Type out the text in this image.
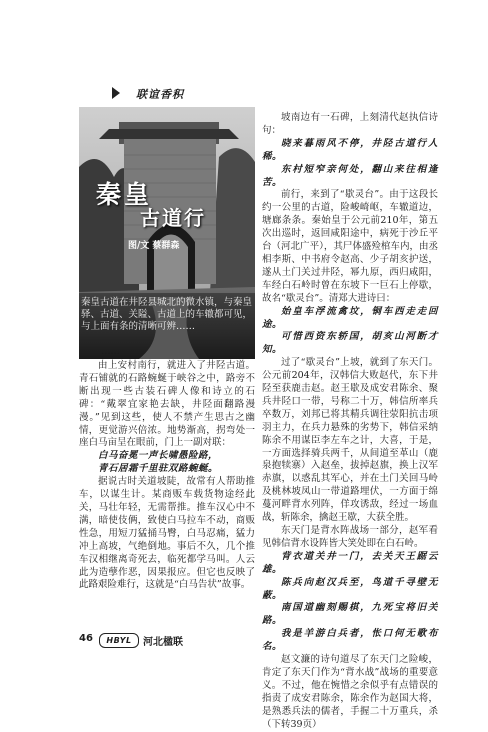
联谊香积
秦皇
古道行
图/文 蔡群森

秦皇古道在井陉县城北的微水镇，与秦皇驿、古道、关隘、古道上的车辙都可见，与上面有条的清晰可辨……

……

由上安村南行，就进入了井陉古道。青石铺就的石路蜿蜒于峡谷之中，路旁不断出现一些古装石碑人像和诗立的石碑：“戴翠宜家艳去缺，井陉面翻路漫漫。”见到这些，使人不禁产生思古之幽情，更觉游兴倍浓。地势渐高，拐弯处一座白马亩呈在眼前，门上一副对联：

白马奋冕一声长啸愚险路，

青石居霜千里驻双路蜿蜒。

据说古时关道坡陡，故常有人帮助推车，以谋生计。某商贩车载货物途经此关，马壮年轻，无需帮推。推车汉心中不满，暗使伎俩，致使白马拉车不动，商贩性急，用短刀猛捅马臀，白马忍痛，猛力冲上高坡，气绝倒地。事后不久，几个推车汉相继离奇死去，临死都学马叫。人云此为造孽作恶，因果报应。但它也反映了此路艰险难行，这就是“白马告状”故事。

坡南边有一石碑，上刻清代赵执信诗句：

晓来暮雨风不停，井陉古道行人稀。

东村短窄亲何处，翻山来往相逢苦。

前行，来到了“歇灵台”。由于这段长约一公里的古道，险峻崎岖，车辙道边，塘廊条条。秦始皇于公元前210年，第五次出巡时，返回咸阳途中，病死于沙丘平台（河北广平），其尸体盛殓棺车内，由丞相李斯、中书府令赵高、少子胡亥护送，遂从土门关过井陉，幂九原，西归咸阳，车经白石岭时曾在东坡下一巨石上停歇，故名“歇灵台”。清郑大进诗曰：

始皇车浮流禽坟，铜车西走走回途。

可惜西资东轿国，胡亥山河断才知。

过了“歇灵台”上坡，就到了东天门。公元前204年，汉韩信大败赵代，东下井陉至获鹿击赵。赵王歇及成安君陈余、聚兵井陉口一带，号称二十万，韩信所率兵卒数万，刘邦已将其精兵调往荥阳抗击项羽主力，在兵力悬殊的劣势下，韩信采纳陈余不用谋臣李左车之计，大喜，于是，一方面选择骑兵两千，从间道至革山（鹿泉抱犊寨）入赵垒，拔掉赵旗，换上汉军赤旗，以惑乱其军心，并在土门关回马岭及桃林坡凤山一带道路埋伏，一方面于绵蔓河畔背水列阵，佯攻诱敌，经过一场血战，斩陈余，擒赵王歇，大获全胜。

东天门是背水阵战场一部分，赵军看见韩信背水设阵皆大笑处即在白石岭。

背衣道关井一门，去关天王踞云雄。

陈兵向赵汉兵至，鸟道千寻壁无蔽。

南国道幽刻赐棋，九死宝将旧关路。

我是羊游白兵者，怅口何无歌布名。

赵文濂的诗句道尽了东天门之险峻，肯定了东天门作为“背水战”战场的重要意义。不过，他在惋惜之余似乎有点错误的指责了成安君陈余，陈余作为赵国大将，是熟悉兵法的儒者，手握二十万重兵，杀（下转39页）

46	HBYL	河北楹联
